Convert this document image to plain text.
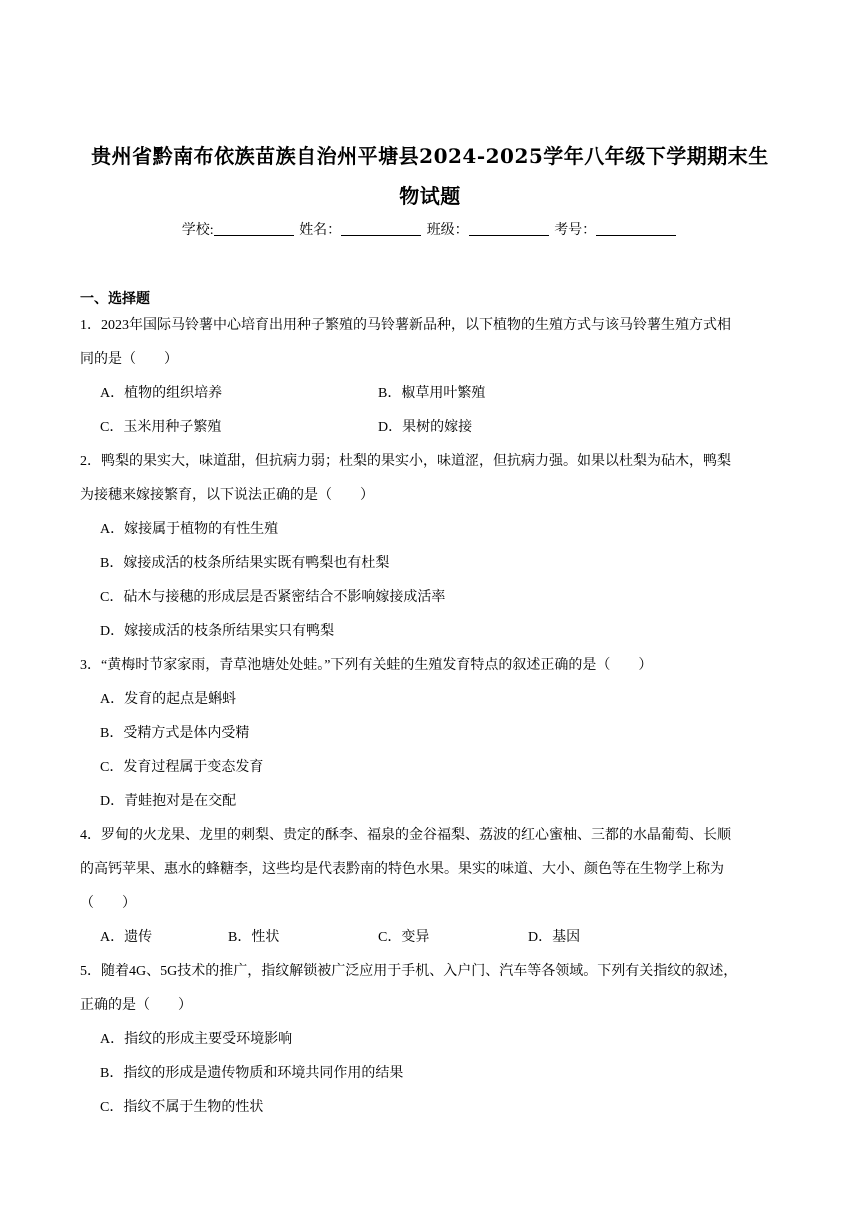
贵州省黔南布依族苗族自治州平塘县2024-2025学年八年级下学期期末生
物试题
学校:	姓名：	班级：	考号：
一、选择题
1．2023年国际马铃薯中心培育出用种子繁殖的马铃薯新品种，以下植物的生殖方式与该马铃薯生殖方式相
同的是（　　）
A．植物的组织培养	B．椒草用叶繁殖
C．玉米用种子繁殖	D．果树的嫁接
2．鸭梨的果实大，味道甜，但抗病力弱；杜梨的果实小，味道涩，但抗病力强。如果以杜梨为砧木，鸭梨
为接穗来嫁接繁育，以下说法正确的是（　　）
A．嫁接属于植物的有性生殖
B．嫁接成活的枝条所结果实既有鸭梨也有杜梨
C．砧木与接穗的形成层是否紧密结合不影响嫁接成活率
D．嫁接成活的枝条所结果实只有鸭梨
3．“黄梅时节家家雨，青草池塘处处蛙。”下列有关蛙的生殖发育特点的叙述正确的是（　　）
A．发育的起点是蝌蚪
B．受精方式是体内受精
C．发育过程属于变态发育
D．青蛙抱对是在交配
4．罗甸的火龙果、龙里的刺梨、贵定的酥李、福泉的金谷福梨、荔波的红心蜜柚、三都的水晶葡萄、长顺
的高钙苹果、惠水的蜂糖李，这些均是代表黔南的特色水果。果实的味道、大小、颜色等在生物学上称为
（　　）
A．遗传	B．性状	C．变异	D．基因
5．随着4G、5G技术的推广，指纹解锁被广泛应用于手机、入户门、汽车等各领域。下列有关指纹的叙述，
正确的是（　　）
A．指纹的形成主要受环境影响
B．指纹的形成是遗传物质和环境共同作用的结果
C．指纹不属于生物的性状
